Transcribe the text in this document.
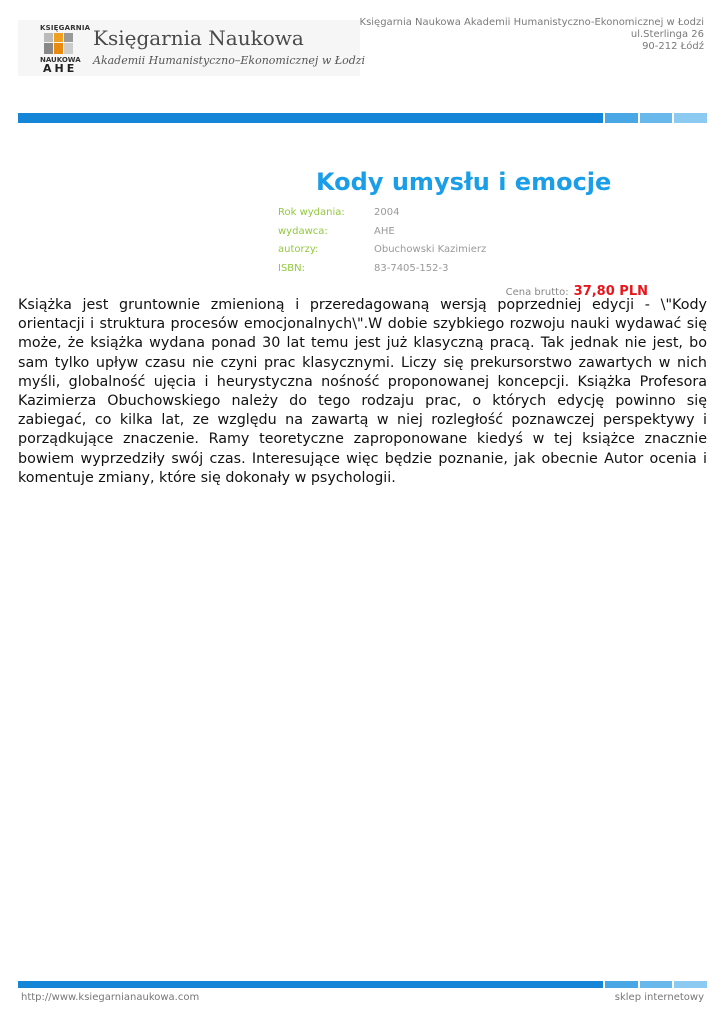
KSIĘGARNIA
NAUKOWA
AHE
Księgarnia Naukowa
Akademii Humanistyczno–Ekonomicznej w Łodzi
Księgarnia Naukowa Akademii Humanistyczno-Ekonomicznej w Łodzi
ul.Sterlinga 26
90-212 Łódź
Kody umysłu i emocje
Rok wydania:	2004
wydawca:	AHE
autorzy:	Obuchowski Kazimierz
ISBN:	83-7405-152-3
Cena brutto: 37,80 PLN
Książka jest gruntownie zmienioną i przeredagowaną wersją poprzedniej edycji - \"Kody orientacji i struktura procesów emocjonalnych\".W dobie szybkiego rozwoju nauki wydawać się może, że książka wydana ponad 30 lat temu jest już klasyczną pracą. Tak jednak nie jest, bo sam tylko upływ czasu nie czyni prac klasycznymi. Liczy się prekursorstwo zawartych w nich myśli, globalność ujęcia i heurystyczna nośność proponowanej koncepcji. Książka Profesora Kazimierza Obuchowskiego należy do tego rodzaju prac, o których edycję powinno się zabiegać, co kilka lat, ze względu na zawartą w niej rozległość poznawczej perspektywy i porządkujące znaczenie. Ramy teoretyczne zaproponowane kiedyś w tej książce znacznie bowiem wyprzedziły swój czas. Interesujące więc będzie poznanie, jak obecnie Autor ocenia i komentuje zmiany, które się dokonały w psychologii.
http://www.ksiegarnianaukowa.com	sklep internetowy
